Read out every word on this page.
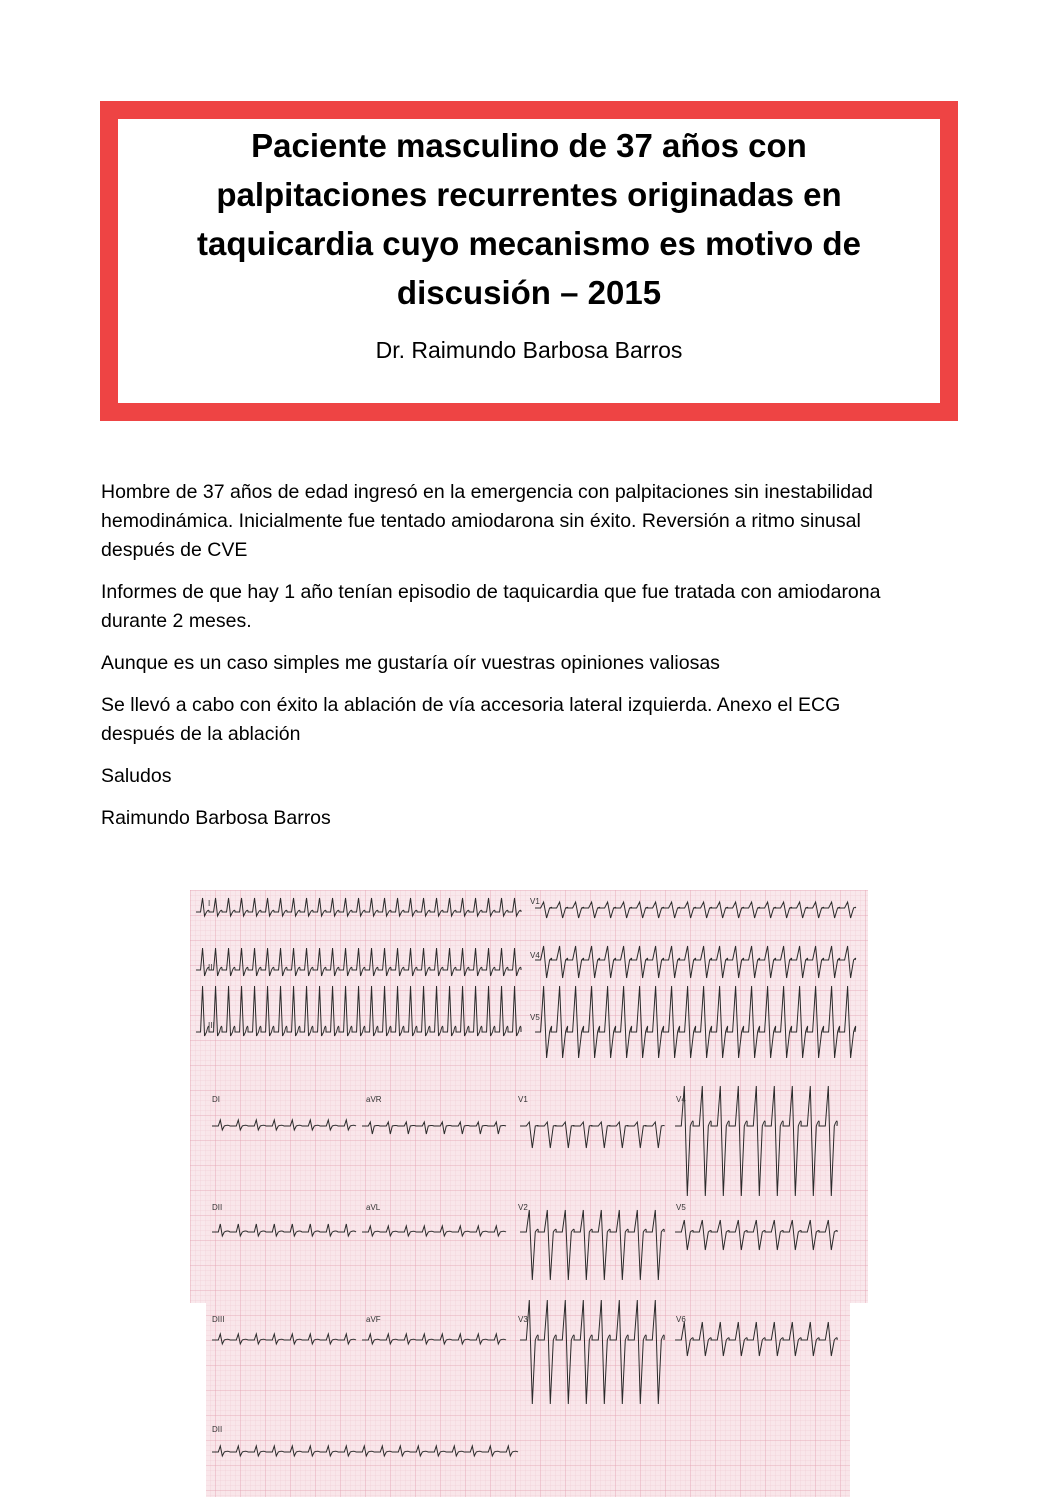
Paciente masculino de 37 años con
palpitaciones recurrentes originadas en
taquicardia cuyo mecanismo es motivo de
discusión – 2015
Dr. Raimundo Barbosa Barros

Hombre de 37 años de edad ingresó en la emergencia con palpitaciones sin inestabilidad
hemodinámica. Inicialmente fue tentado amiodarona sin éxito. Reversión a ritmo sinusal
después de CVE

Informes de que hay 1 año tenían episodio de taquicardia que fue tratada con amiodarona
durante 2 meses.

Aunque es un caso simples me gustaría oír vuestras opiniones valiosas

Se llevó a cabo con éxito la ablación de vía accesoria lateral izquierda. Anexo el ECG
después de la ablación

Saludos

Raimundo Barbosa Barros

I	V1
II
V4
III
V5
DI	aVR	V1	V4
DII	aVL	V2	V5
DIII	aVF	V3	V6
DII
